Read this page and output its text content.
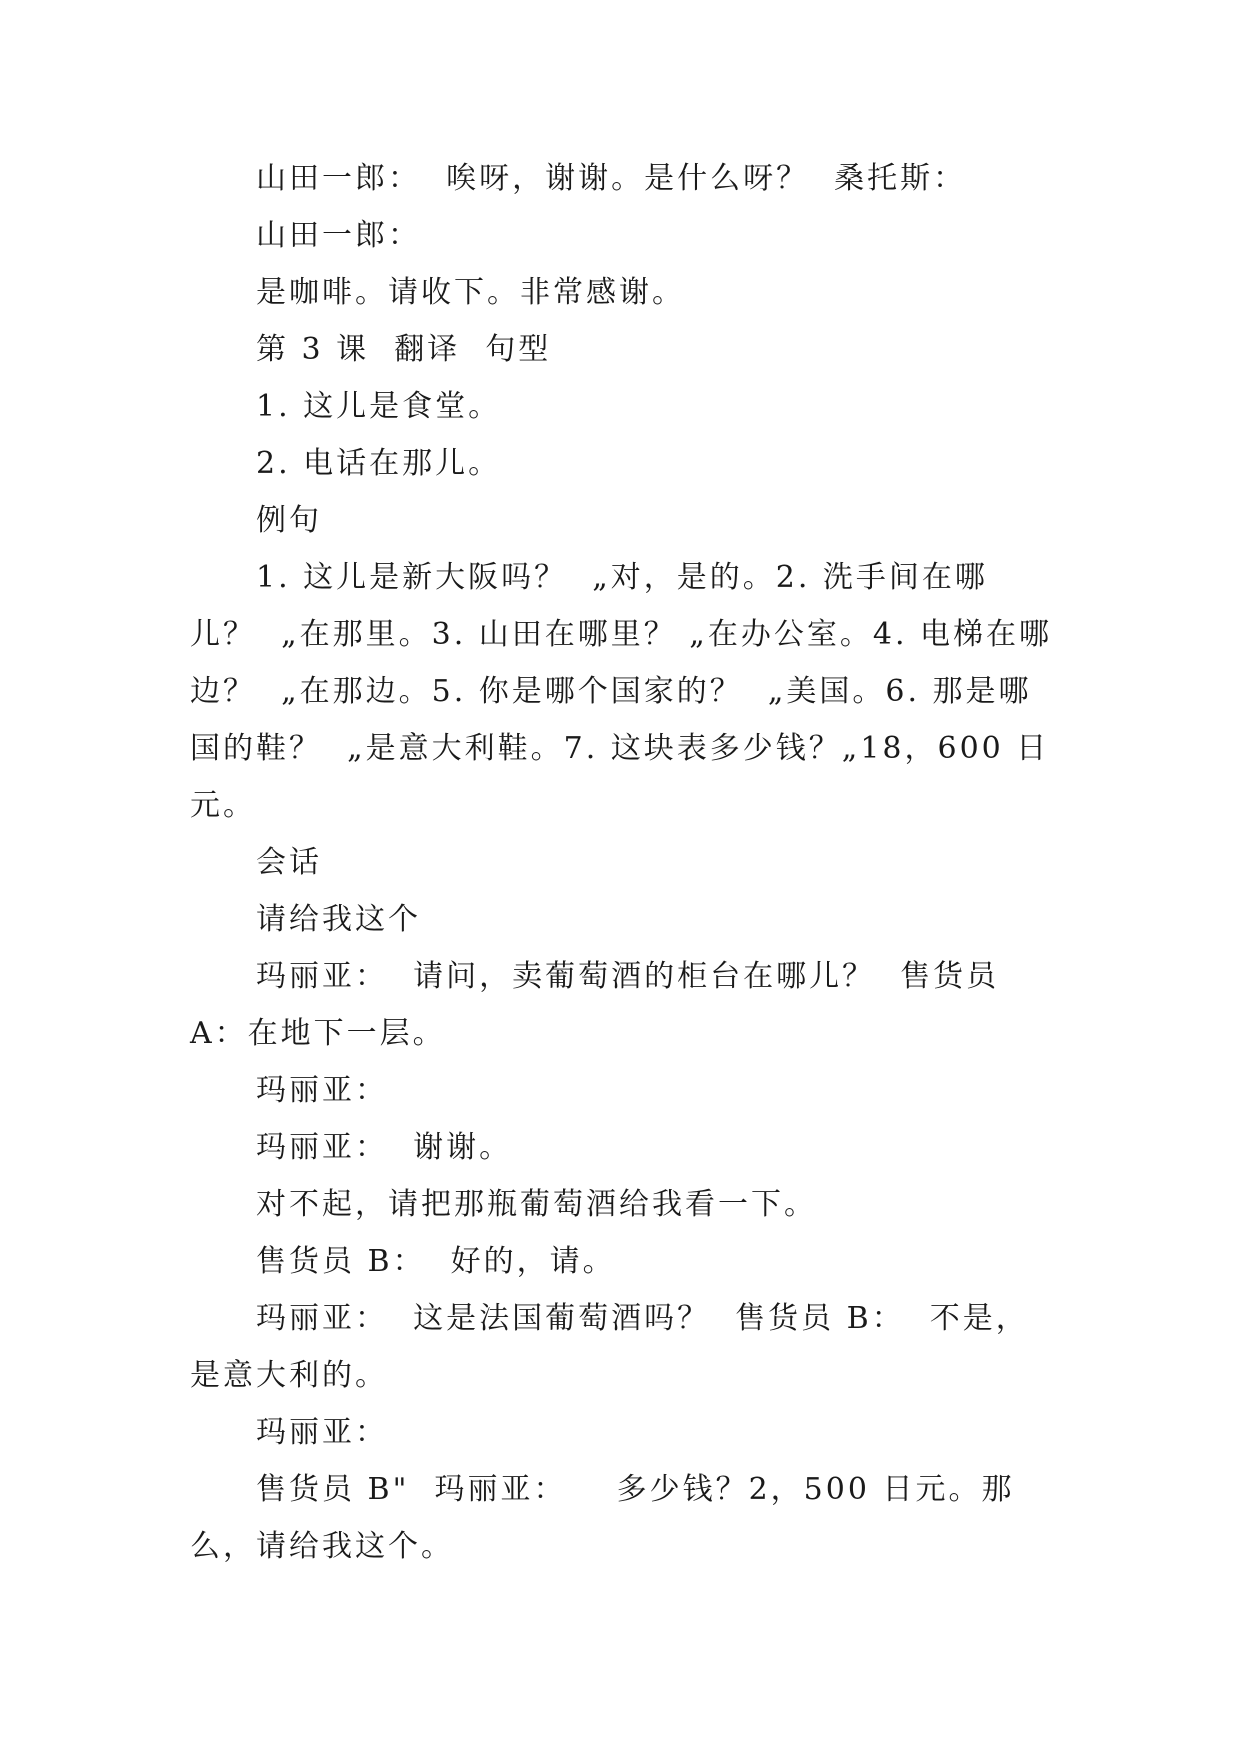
山田一郎：  唉呀，谢谢。是什么呀？  桑托斯：

山田一郎：

是咖啡。请收下。非常感谢。

第 3 课  翻译  句型

1. 这儿是食堂。

2. 电话在那儿。

例句

1. 这儿是新大阪吗？  „对，是的。2. 洗手间在哪儿？  „在那里。3. 山田在哪里？ „在办公室。4. 电梯在哪边？  „在那边。5. 你是哪个国家的？  „美国。6. 那是哪国的鞋？  „是意大利鞋。7. 这块表多少钱？„18，600 日元。

会话

请给我这个

玛丽亚：  请问，卖葡萄酒的柜台在哪儿？  售货员 A：在地下一层。

玛丽亚：

玛丽亚：  谢谢。

对不起，请把那瓶葡萄酒给我看一下。

售货员 B：  好的，请。

玛丽亚：  这是法国葡萄酒吗？  售货员 B：  不是，是意大利的。

玛丽亚：

售货员 B"  玛丽亚：    多少钱？2，500 日元。那么，请给我这个。
